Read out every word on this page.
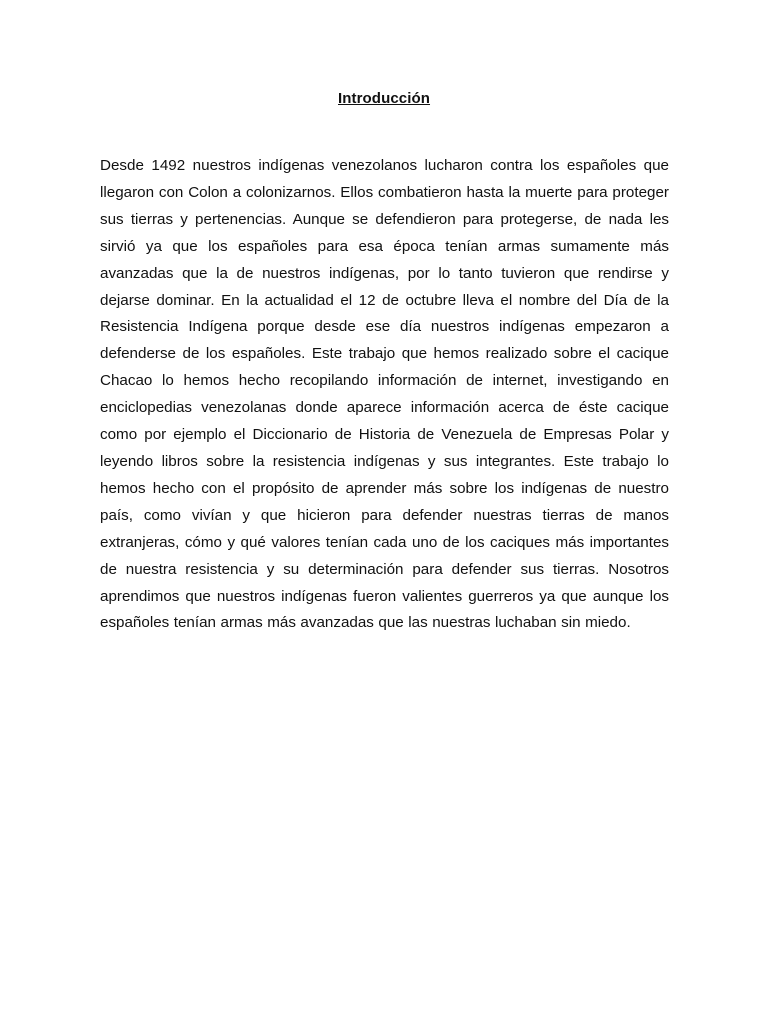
Introducción

Desde 1492 nuestros indígenas venezolanos lucharon contra los españoles que llegaron con Colon a colonizarnos. Ellos combatieron hasta la muerte para proteger sus tierras y pertenencias. Aunque se defendieron para protegerse, de nada les sirvió ya que los españoles para esa época tenían armas sumamente más avanzadas que la de nuestros indígenas, por lo tanto tuvieron que rendirse y dejarse dominar. En la actualidad el 12 de octubre lleva el nombre del Día de la Resistencia Indígena porque desde ese día nuestros indígenas empezaron a defenderse de los españoles. Este trabajo que hemos realizado sobre el cacique Chacao lo hemos hecho recopilando información de internet, investigando en enciclopedias venezolanas donde aparece información acerca de éste cacique como por ejemplo el Diccionario de Historia de Venezuela de Empresas Polar y leyendo libros sobre la resistencia indígenas y sus integrantes. Este trabajo lo hemos hecho con el propósito de aprender más sobre los indígenas de nuestro país, como vivían y que hicieron para defender nuestras tierras de manos extranjeras, cómo y qué valores tenían cada uno de los caciques más importantes de nuestra resistencia y su determinación para defender sus tierras. Nosotros aprendimos que nuestros indígenas fueron valientes guerreros ya que aunque los españoles tenían armas más avanzadas que las nuestras luchaban sin miedo.
